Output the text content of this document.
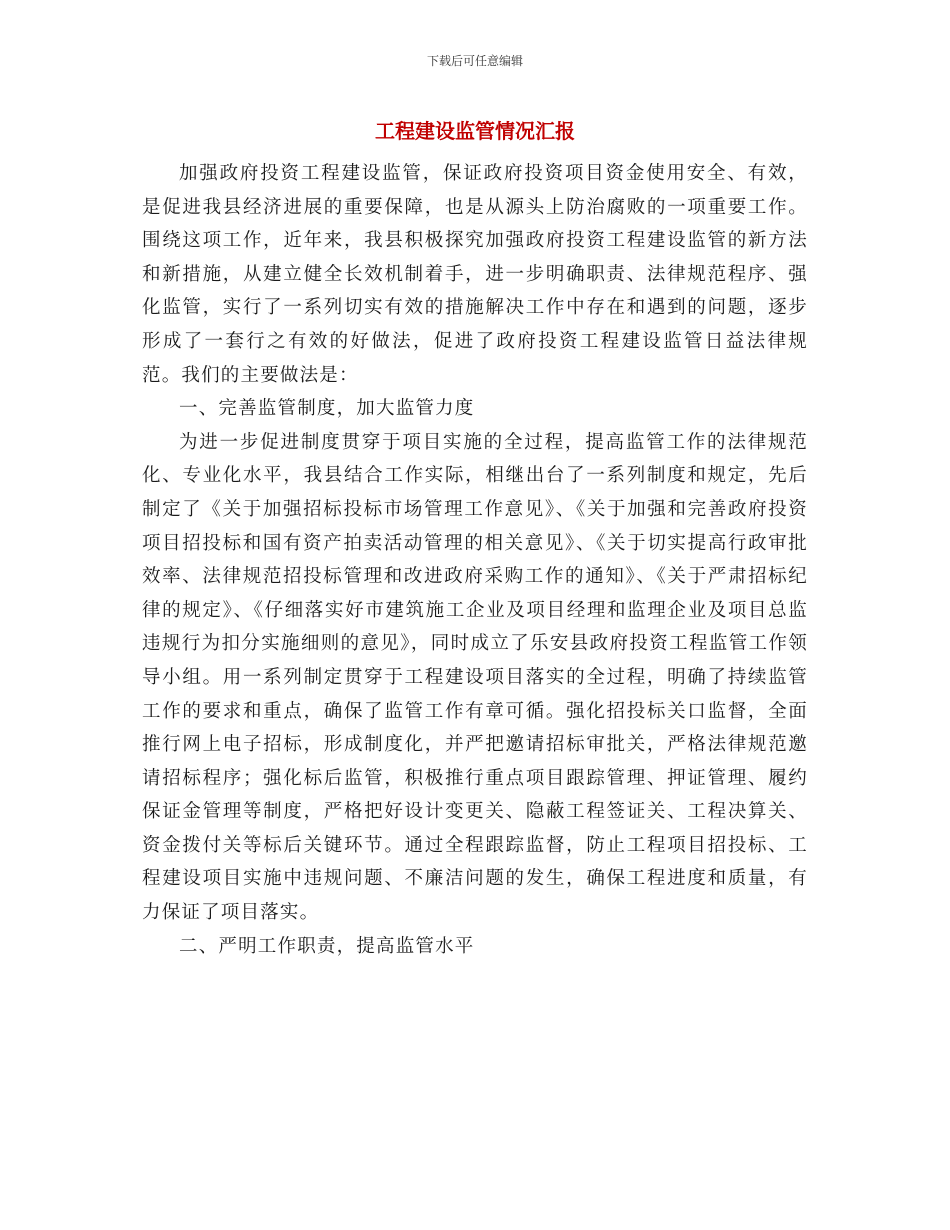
下载后可任意编辑
工程建设监管情况汇报

加强政府投资工程建设监管，保证政府投资项目资金使用安全、有效，是促进我县经济进展的重要保障，也是从源头上防治腐败的一项重要工作。围绕这项工作，近年来，我县积极探究加强政府投资工程建设监管的新方法和新措施，从建立健全长效机制着手，进一步明确职责、法律规范程序、强化监管，实行了一系列切实有效的措施解决工作中存在和遇到的问题，逐步形成了一套行之有效的好做法，促进了政府投资工程建设监管日益法律规范。我们的主要做法是：

一、完善监管制度，加大监管力度

为进一步促进制度贯穿于项目实施的全过程，提高监管工作的法律规范化、专业化水平，我县结合工作实际，相继出台了一系列制度和规定，先后制定了《关于加强招标投标市场管理工作意见》、《关于加强和完善政府投资项目招投标和国有资产拍卖活动管理的相关意见》、《关于切实提高行政审批效率、法律规范招投标管理和改进政府采购工作的通知》、《关于严肃招标纪律的规定》、《仔细落实好市建筑施工企业及项目经理和监理企业及项目总监违规行为扣分实施细则的意见》，同时成立了乐安县政府投资工程监管工作领导小组。用一系列制定贯穿于工程建设项目落实的全过程，明确了持续监管工作的要求和重点，确保了监管工作有章可循。强化招投标关口监督，全面推行网上电子招标，形成制度化，并严把邀请招标审批关，严格法律规范邀请招标程序；强化标后监管，积极推行重点项目跟踪管理、押证管理、履约保证金管理等制度，严格把好设计变更关、隐蔽工程签证关、工程决算关、资金拨付关等标后关键环节。通过全程跟踪监督，防止工程项目招投标、工程建设项目实施中违规问题、不廉洁问题的发生，确保工程进度和质量，有力保证了项目落实。

二、严明工作职责，提高监管水平
